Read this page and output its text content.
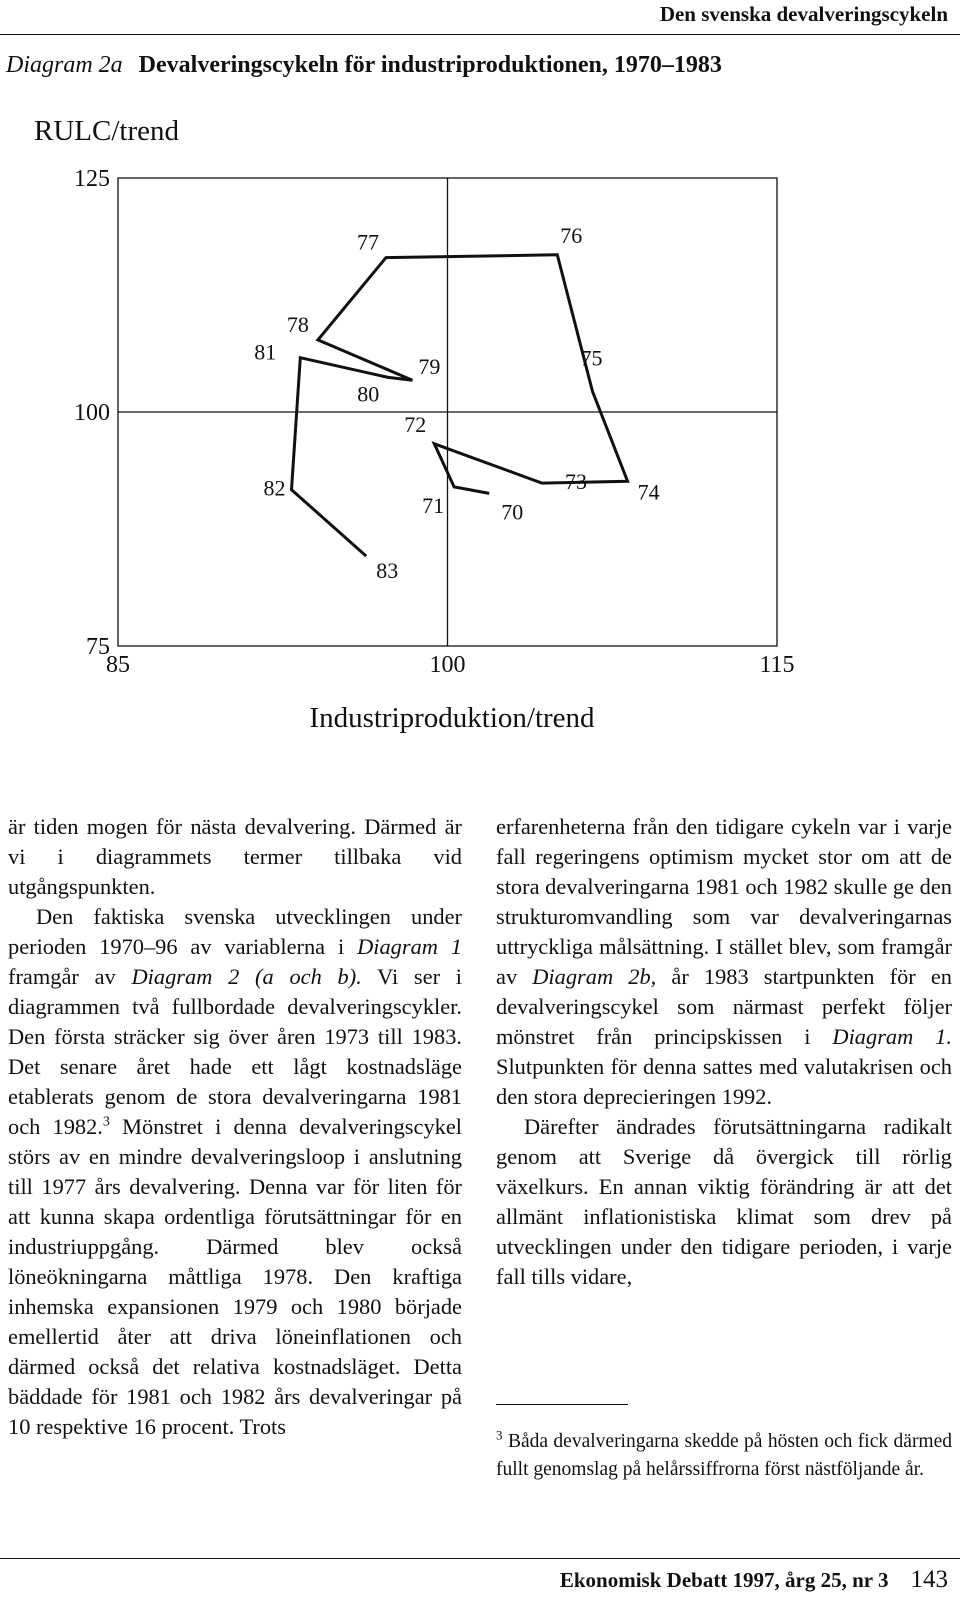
Den svenska devalveringscykeln
Diagram 2a Devalveringscykeln för industriproduktionen, 1970–1983
70
71
72
73 74
75
76
77
78
79
80
81
82
83
75
100
125
85	100	115
RULC/trend
Industriproduktion/trend

är tiden mogen för nästa devalvering. Därmed är vi i diagrammets termer tillbaka vid utgångspunkten.

Den faktiska svenska utvecklingen under perioden 1970–96 av variablerna i Diagram 1 framgår av Diagram 2 (a och b). Vi ser i diagrammen två fullbordade devalveringscykler. Den första sträcker sig över åren 1973 till 1983. Det senare året hade ett lågt kostnadsläge etablerats genom de stora devalveringarna 1981 och 1982.$^3$ Mönstret i denna devalveringscykel störs av en mindre devalveringsloop i anslutning till 1977 års devalvering. Denna var för liten för att kunna skapa ordentliga förutsättningar för en industriuppgång. Därmed blev också löneökningarna måttliga 1978. Den kraftiga inhemska expansionen 1979 och 1980 började emellertid åter att driva löneinflationen och därmed också det relativa kostnadsläget. Detta bäddade för 1981 och 1982 års devalveringar på 10 respektive 16 procent. Trots

erfarenheterna från den tidigare cykeln var i varje fall regeringens optimism mycket stor om att de stora devalveringarna 1981 och 1982 skulle ge den strukturomvandling som var devalveringarnas uttryckliga målsättning. I stället blev, som framgår av Diagram 2b, år 1983 startpunkten för en devalveringscykel som närmast perfekt följer mönstret från principskissen i Diagram 1. Slutpunkten för denna sattes med valutakrisen och den stora deprecieringen 1992.

Därefter ändrades förutsättningarna radikalt genom att Sverige då övergick till rörlig växelkurs. En annan viktig förändring är att det allmänt inflationistiska klimat som drev på utvecklingen under den tidigare perioden, i varje fall tills vidare,

$^3$ Båda devalveringarna skedde på hösten och fick därmed fullt genomslag på helårssiffrorna först nästföljande år.
Ekonomisk Debatt 1997, årg 25, nr 3 143
